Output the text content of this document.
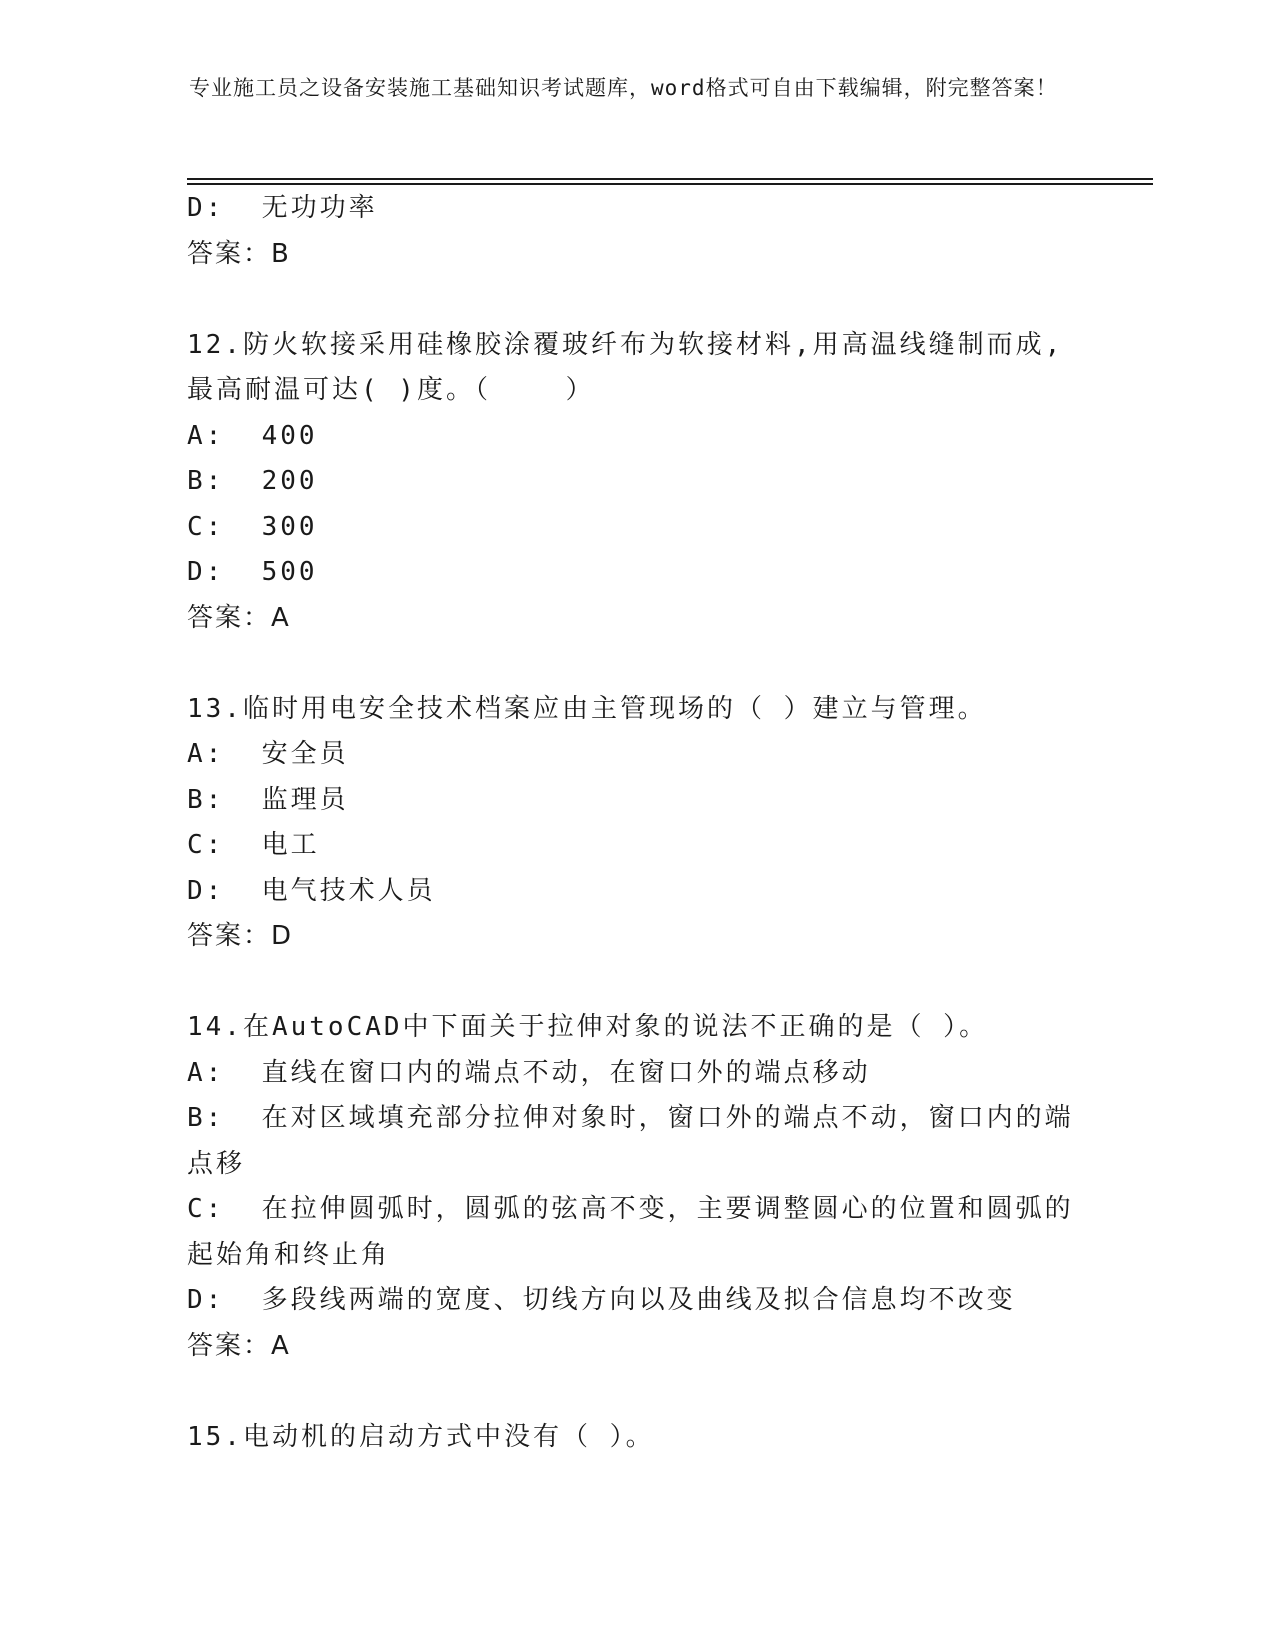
专业施工员之设备安装施工基础知识考试题库，word格式可自由下载编辑，附完整答案！
D:  无功功率
答案：B
12.防火软接采用硅橡胶涂覆玻纤布为软接材料,用高温线缝制而成,最高耐温可达( )度。（    ）
A:  400
B:  200
C:  300
D:  500
答案：A
13.临时用电安全技术档案应由主管现场的（ ）建立与管理。
A:  安全员
B:  监理员
C:  电工
D:  电气技术人员
答案：D
14.在AutoCAD中下面关于拉伸对象的说法不正确的是（ ）。
A:  直线在窗口内的端点不动，在窗口外的端点移动
B:  在对区域填充部分拉伸对象时，窗口外的端点不动，窗口内的端点移
C:  在拉伸圆弧时，圆弧的弦高不变，主要调整圆心的位置和圆弧的起始角和终止角
D:  多段线两端的宽度、切线方向以及曲线及拟合信息均不改变
答案：A
15.电动机的启动方式中没有（ ）。
